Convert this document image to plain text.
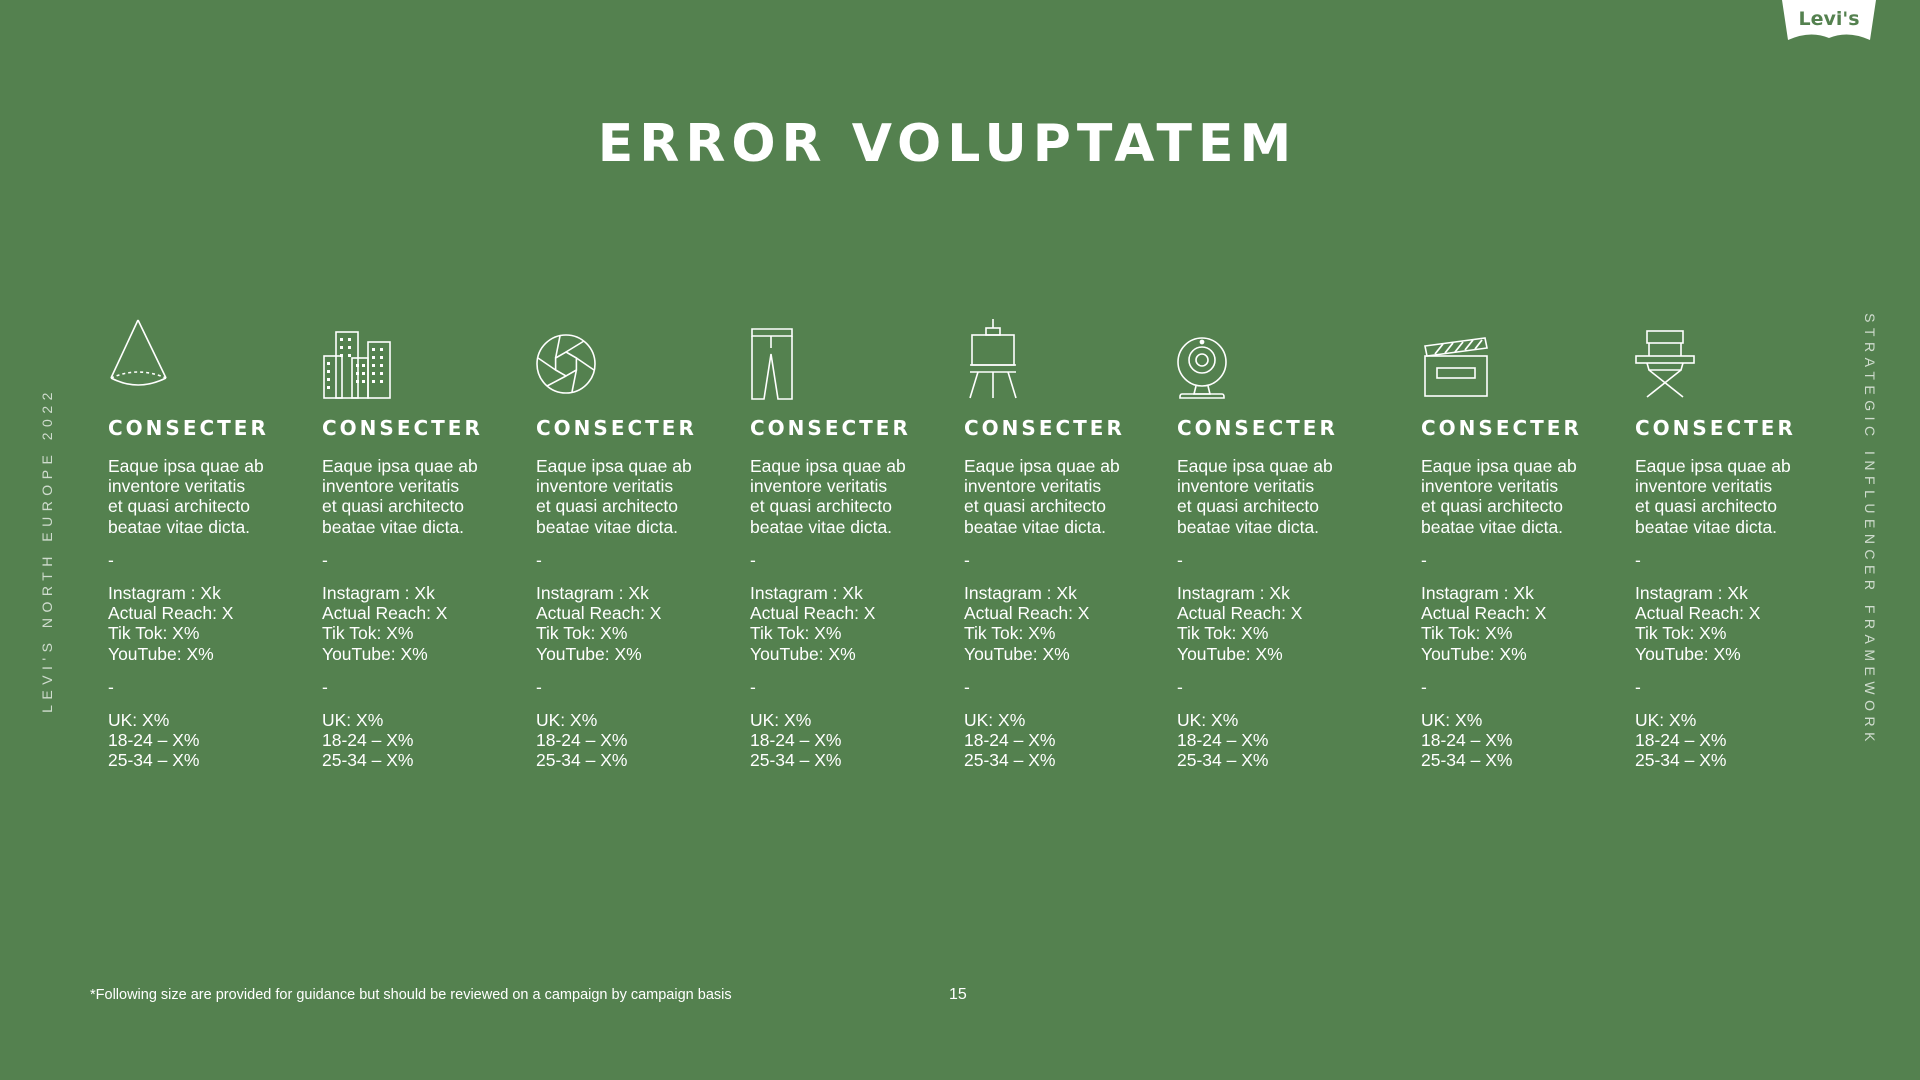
Levi's
®
ERROR VOLUPTATEM
LEVI'S NORTH EUROPE 2022	STRATEGIC INFLUENCER FRAMEWORK
CONSECTER
Eaque ipsa quae ab
inventore veritatis
et quasi architecto
beatae vitae dicta.
-
Instagram : Xk
Actual Reach: X
Tik Tok: X%
YouTube: X%
-
UK: X%
18-24 – X%
25-34 – X%
CONSECTER
Eaque ipsa quae ab
inventore veritatis
et quasi architecto
beatae vitae dicta.
-
Instagram : Xk
Actual Reach: X
Tik Tok: X%
YouTube: X%
-
UK: X%
18-24 – X%
25-34 – X%
CONSECTER
Eaque ipsa quae ab
inventore veritatis
et quasi architecto
beatae vitae dicta.
-
Instagram : Xk
Actual Reach: X
Tik Tok: X%
YouTube: X%
-
UK: X%
18-24 – X%
25-34 – X%
CONSECTER
Eaque ipsa quae ab
inventore veritatis
et quasi architecto
beatae vitae dicta.
-
Instagram : Xk
Actual Reach: X
Tik Tok: X%
YouTube: X%
-
UK: X%
18-24 – X%
25-34 – X%
CONSECTER
Eaque ipsa quae ab
inventore veritatis
et quasi architecto
beatae vitae dicta.
-
Instagram : Xk
Actual Reach: X
Tik Tok: X%
YouTube: X%
-
UK: X%
18-24 – X%
25-34 – X%
CONSECTER
Eaque ipsa quae ab
inventore veritatis
et quasi architecto
beatae vitae dicta.
-
Instagram : Xk
Actual Reach: X
Tik Tok: X%
YouTube: X%
-
UK: X%
18-24 – X%
25-34 – X%
CONSECTER
Eaque ipsa quae ab
inventore veritatis
et quasi architecto
beatae vitae dicta.
-
Instagram : Xk
Actual Reach: X
Tik Tok: X%
YouTube: X%
-
UK: X%
18-24 – X%
25-34 – X%
CONSECTER
Eaque ipsa quae ab
inventore veritatis
et quasi architecto
beatae vitae dicta.
-
Instagram : Xk
Actual Reach: X
Tik Tok: X%
YouTube: X%
-
UK: X%
18-24 – X%
25-34 – X%
*Following size are provided for guidance but should be reviewed on a campaign by campaign basis	15
